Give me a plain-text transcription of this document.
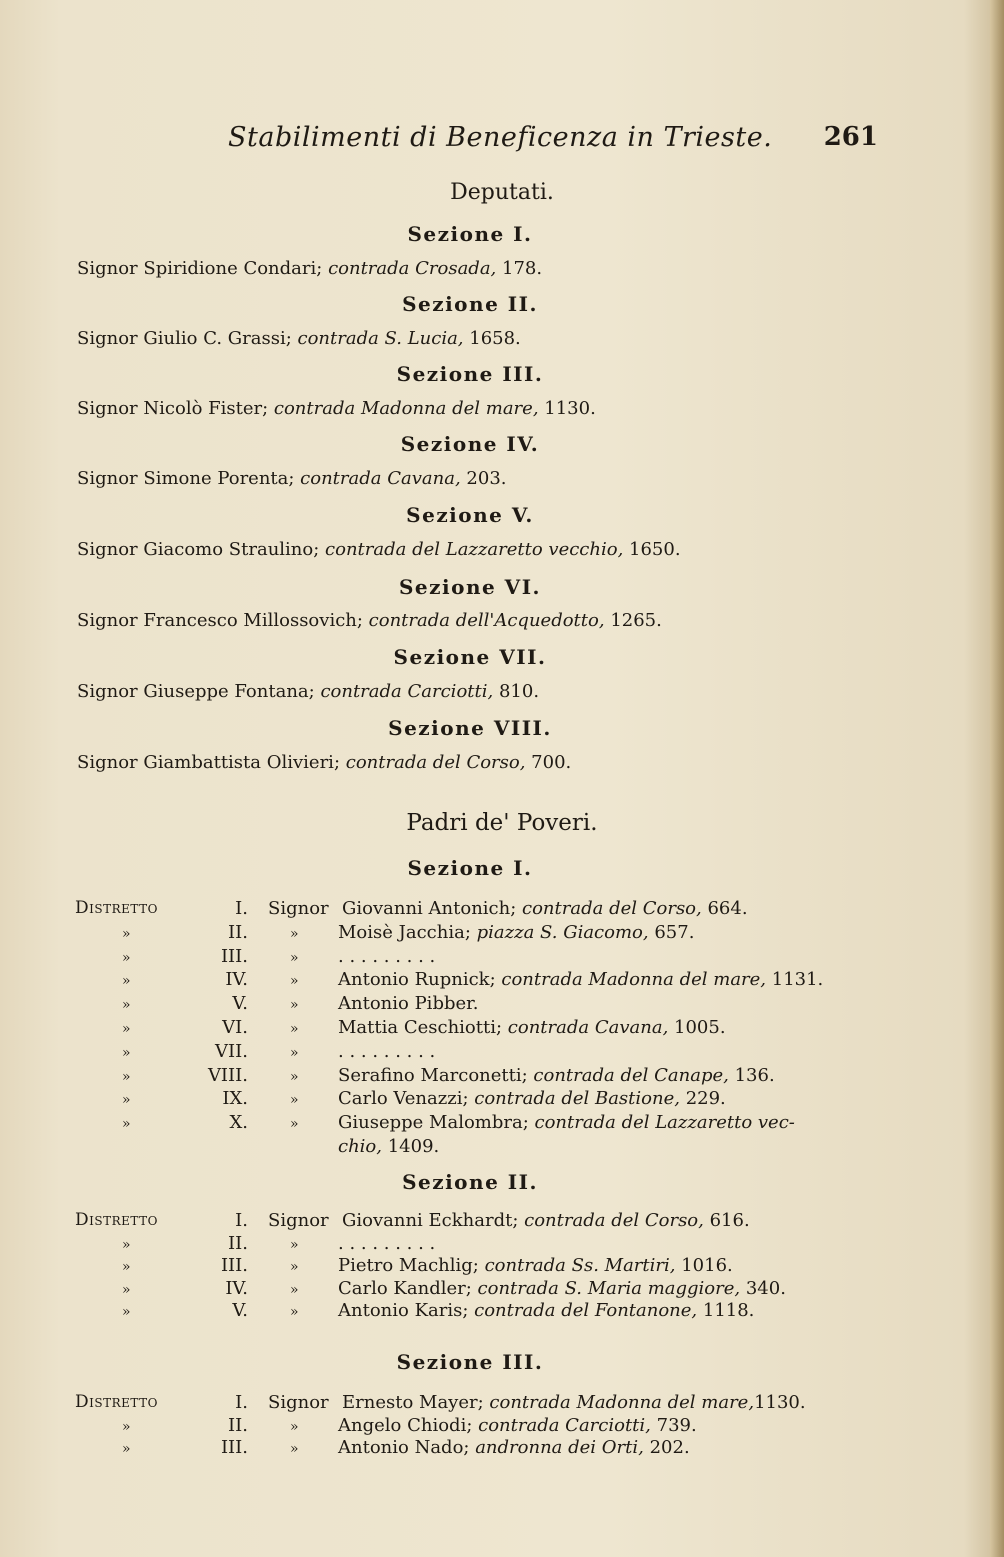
Stabilimenti di Beneficenza in Trieste. 261
Deputati.
Sezione I.
Signor Spiridione Condari; contrada Crosada, 178.
Sezione II.
Signor Giulio C. Grassi; contrada S. Lucia, 1658.
Sezione III.
Signor Nicolò Fister; contrada Madonna del mare, 1130.
Sezione IV.
Signor Simone Porenta; contrada Cavana, 203.
Sezione V.
Signor Giacomo Straulino; contrada del Lazzaretto vecchio, 1650.
Sezione VI.
Signor Francesco Millossovich; contrada dell'Acquedotto, 1265.
Sezione VII.
Signor Giuseppe Fontana; contrada Carciotti, 810.
Sezione VIII.
Signor Giambattista Olivieri; contrada del Corso, 700.
Padri de' Poveri.
Sezione I.
Distretto	I. Signor Giovanni Antonich; contrada del Corso, 664.
»	II.	» Moisè Jacchia; piazza S. Giacomo, 657.
»	III.	» . . . . . . . . .
»	IV.	» Antonio Rupnick; contrada Madonna del mare, 1131.
»	V.	» Antonio Pibber.
»	VI.	» Mattia Ceschiotti; contrada Cavana, 1005.
»	VII.	» . . . . . . . . .
»	VIII.	» Serafino Marconetti; contrada del Canape, 136.
»	IX.	» Carlo Venazzi; contrada del Bastione, 229.
»	X.	» Giuseppe Malombra; contrada del Lazzaretto vec-
chio, 1409.
Sezione II.
Distretto	I. Signor Giovanni Eckhardt; contrada del Corso, 616.
»	II.	» . . . . . . . . .
»	III.	» Pietro Machlig; contrada Ss. Martiri, 1016.
»	IV.	» Carlo Kandler; contrada S. Maria maggiore, 340.
»	V.	» Antonio Karis; contrada del Fontanone, 1118.
Sezione III.
Distretto	I. Signor Ernesto Mayer; contrada Madonna del mare,1130.
»	II.	» Angelo Chiodi; contrada Carciotti, 739.
»	III.	» Antonio Nado; andronna dei Orti, 202.
